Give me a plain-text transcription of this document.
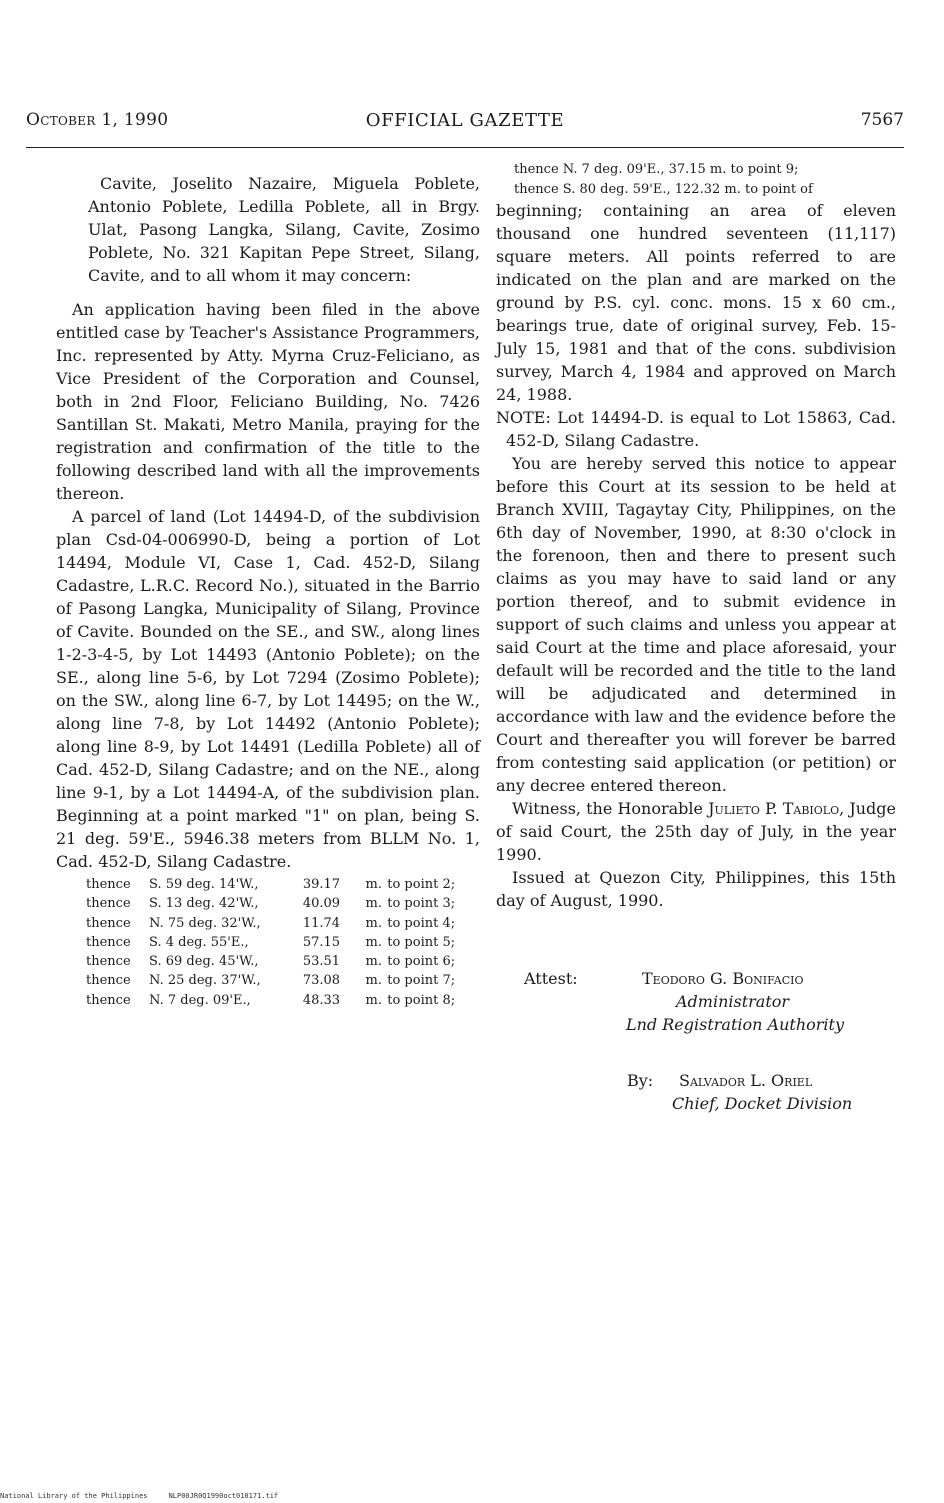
October 1, 1990	OFFICIAL GAZETTE	7567

Cavite, Joselito Nazaire, Miguela Poblete, Antonio Poblete, Ledilla Poblete, all in Brgy. Ulat, Pasong Langka, Silang, Cavite, Zosimo Poblete, No. 321 Kapitan Pepe Street, Silang, Cavite, and to all whom it may concern:

An application having been filed in the above entitled case by Teacher's Assistance Programmers, Inc. represented by Atty. Myrna Cruz-Feliciano, as Vice President of the Corporation and Counsel, both in 2nd Floor, Feliciano Building, No. 7426 Santillan St. Makati, Metro Manila, praying for the registration and confirmation of the title to the following described land with all the improvements thereon.

A parcel of land (Lot 14494-D, of the subdivision plan Csd-04-006990-D, being a portion of Lot 14494, Module VI, Case 1, Cad. 452-D, Silang Cadastre, L.R.C. Record No.), situated in the Barrio of Pasong Langka, Municipality of Silang, Province of Cavite. Bounded on the SE., and SW., along lines 1-2-3-4-5, by Lot 14493 (Antonio Poblete); on the SE., along line 5-6, by Lot 7294 (Zosimo Poblete); on the SW., along line 6-7, by Lot 14495; on the W., along line 7-8, by Lot 14492 (Antonio Poblete); along line 8-9, by Lot 14491 (Ledilla Poblete) all of Cad. 452-D, Silang Cadastre; and on the NE., along line 9-1, by a Lot 14494-A, of the subdivision plan. Beginning at a point marked "1" on plan, being S. 21 deg. 59'E., 5946.38 meters from BLLM No. 1, Cad. 452-D, Silang Cadastre.

thence	S. 59 deg. 14'W.,	39.17	m.	to point 2;
thence	S. 13 deg. 42'W.,	40.09	m.	to point 3;
thence	N. 75 deg. 32'W.,	11.74	m.	to point 4;
thence	S. 4 deg. 55'E.,	57.15	m.	to point 5;
thence	S. 69 deg. 45'W.,	53.51	m.	to point 6;
thence	N. 25 deg. 37'W.,	73.08	m.	to point 7;
thence	N. 7 deg. 09'E.,	48.33	m.	to point 8;
thence N. 7 deg. 09'E., 37.15 m. to point 9;
thence S. 80 deg. 59'E., 122.32 m. to point of

beginning; containing an area of eleven thousand one hundred seventeen (11,117) square meters. All points referred to are indicated on the plan and are marked on the ground by P.S. cyl. conc. mons. 15 x 60 cm., bearings true, date of original survey, Feb. 15-July 15, 1981 and that of the cons. subdivision survey, March 4, 1984 and approved on March 24, 1988.

NOTE: Lot 14494-D. is equal to Lot 15863, Cad. 452-D, Silang Cadastre.

You are hereby served this notice to appear before this Court at its session to be held at Branch XVIII, Tagaytay City, Philippines, on the 6th day of November, 1990, at 8:30 o'clock in the forenoon, then and there to present such claims as you may have to said land or any portion thereof, and to submit evidence in support of such claims and unless you appear at said Court at the time and place aforesaid, your default will be recorded and the title to the land will be adjudicated and determined in accordance with law and the evidence before the Court and thereafter you will forever be barred from contesting said application (or petition) or any decree entered thereon.

Witness, the Honorable Julieto P. Tabiolo, Judge of said Court, the 25th day of July, in the year 1990.

Issued at Quezon City, Philippines, this 15th day of August, 1990.

Attest:	Teodoro G. Bonifacio
Administrator
Lnd Registration Authority
By: Salvador L. Oriel
Chief, Docket Division
National Library of the Philippines     NLP00JR0Q1990oct010171.tif
